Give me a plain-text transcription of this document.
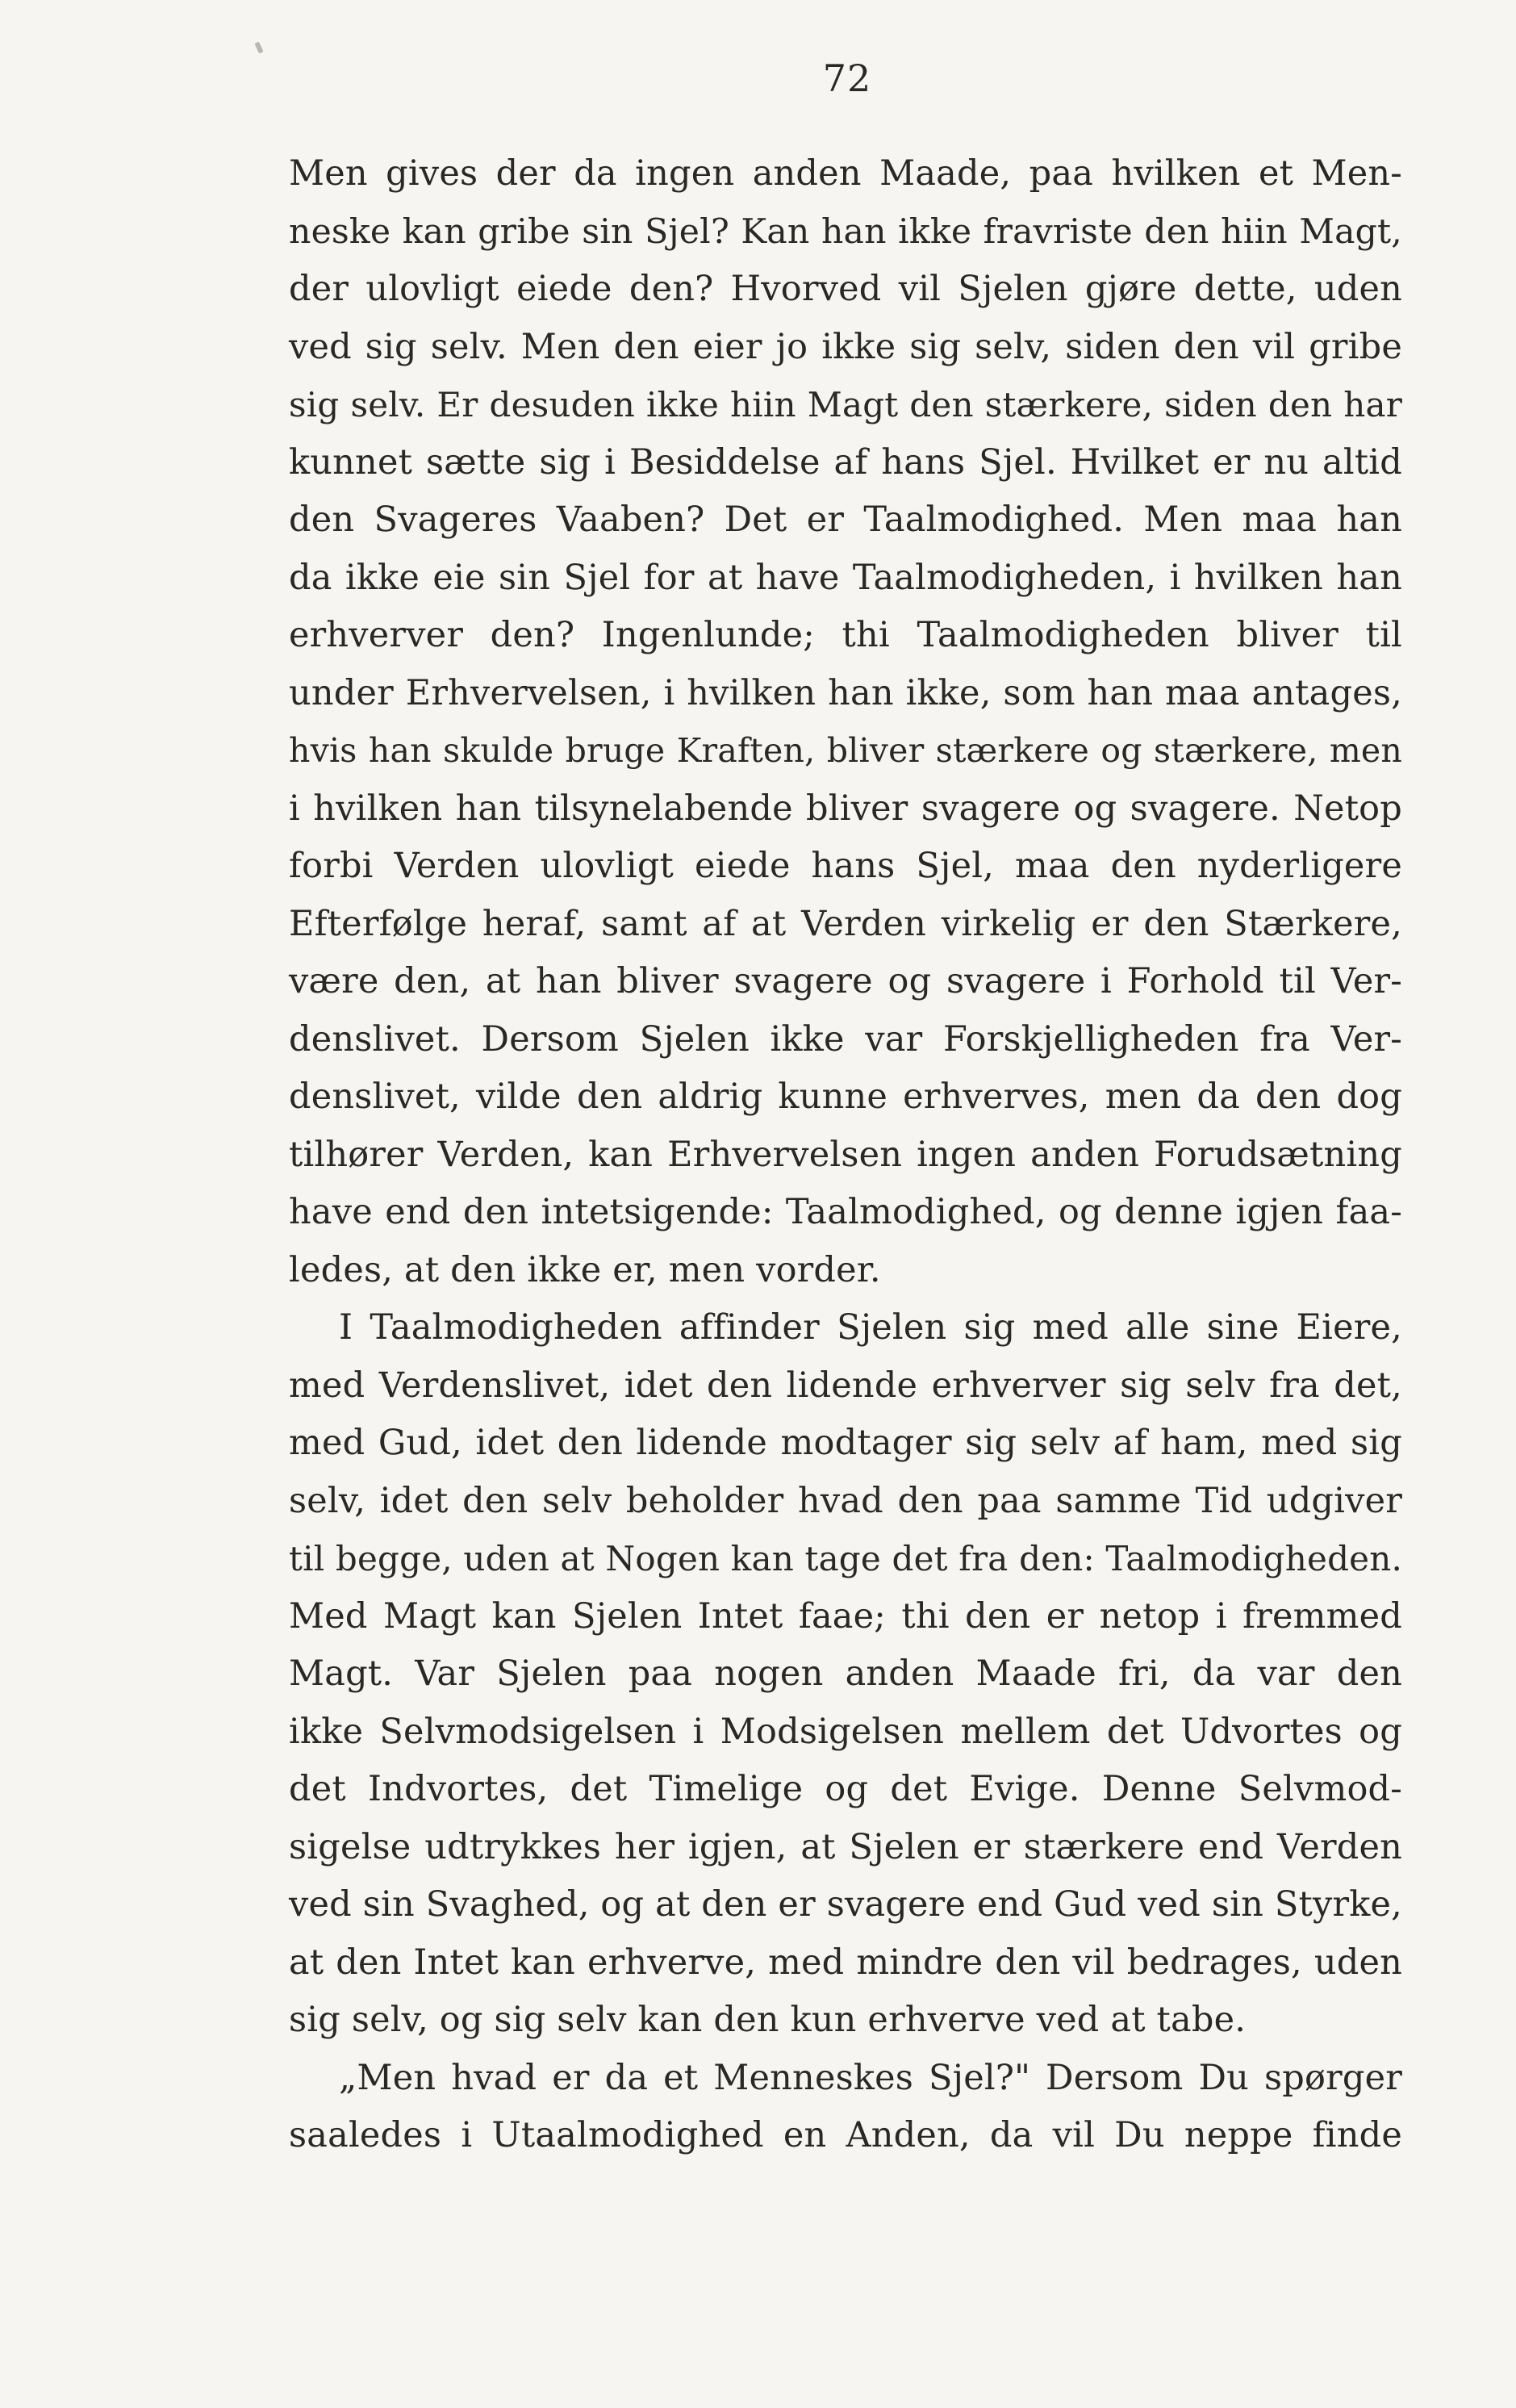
72
Men gives der da ingen anden Maade, paa hvilken et Men-
neske kan gribe sin Sjel? Kan han ikke fravriste den hiin Magt,
der ulovligt eiede den? Hvorved vil Sjelen gjøre dette, uden
ved sig selv. Men den eier jo ikke sig selv, siden den vil gribe
sig selv. Er desuden ikke hiin Magt den stærkere, siden den har
kunnet sætte sig i Besiddelse af hans Sjel. Hvilket er nu altid
den Svageres Vaaben? Det er Taalmodighed. Men maa han
da ikke eie sin Sjel for at have Taalmodigheden, i hvilken han
erhverver den? Ingenlunde; thi Taalmodigheden bliver til
under Erhvervelsen, i hvilken han ikke, som han maa antages,
hvis han skulde bruge Kraften, bliver stærkere og stærkere, men
i hvilken han tilsynelabende bliver svagere og svagere. Netop
forbi Verden ulovligt eiede hans Sjel, maa den nyderligere
Efterfølge heraf, samt af at Verden virkelig er den Stærkere,
være den, at han bliver svagere og svagere i Forhold til Ver-
denslivet. Dersom Sjelen ikke var Forskjelligheden fra Ver-
denslivet, vilde den aldrig kunne erhverves, men da den dog
tilhører Verden, kan Erhvervelsen ingen anden Forudsætning
have end den intetsigende: Taalmodighed, og denne igjen faa-
ledes, at den ikke er, men vorder.
I Taalmodigheden affinder Sjelen sig med alle sine Eiere,
med Verdenslivet, idet den lidende erhverver sig selv fra det,
med Gud, idet den lidende modtager sig selv af ham, med sig
selv, idet den selv beholder hvad den paa samme Tid udgiver
til begge, uden at Nogen kan tage det fra den: Taalmodigheden.
Med Magt kan Sjelen Intet faae; thi den er netop i fremmed
Magt. Var Sjelen paa nogen anden Maade fri, da var den
ikke Selvmodsigelsen i Modsigelsen mellem det Udvortes og
det Indvortes, det Timelige og det Evige. Denne Selvmod-
sigelse udtrykkes her igjen, at Sjelen er stærkere end Verden
ved sin Svaghed, og at den er svagere end Gud ved sin Styrke,
at den Intet kan erhverve, med mindre den vil bedrages, uden
sig selv, og sig selv kan den kun erhverve ved at tabe.
„Men hvad er da et Menneskes Sjel?" Dersom Du spørger
saaledes i Utaalmodighed en Anden, da vil Du neppe finde
